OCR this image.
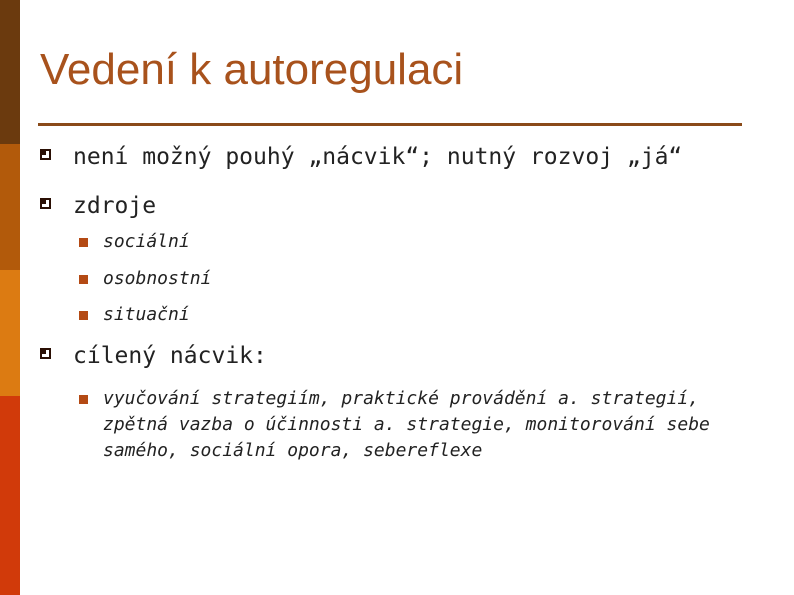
Vedení k autoregulaci
není možný pouhý „nácvik“; nutný rozvoj „já“
zdroje
sociální
osobnostní
situační
cílený nácvik:
vyučování strategiím, praktické provádění a. strategií, zpětná vazba o účinnosti a. strategie, monitorování sebe samého, sociální opora, sebereflexe
